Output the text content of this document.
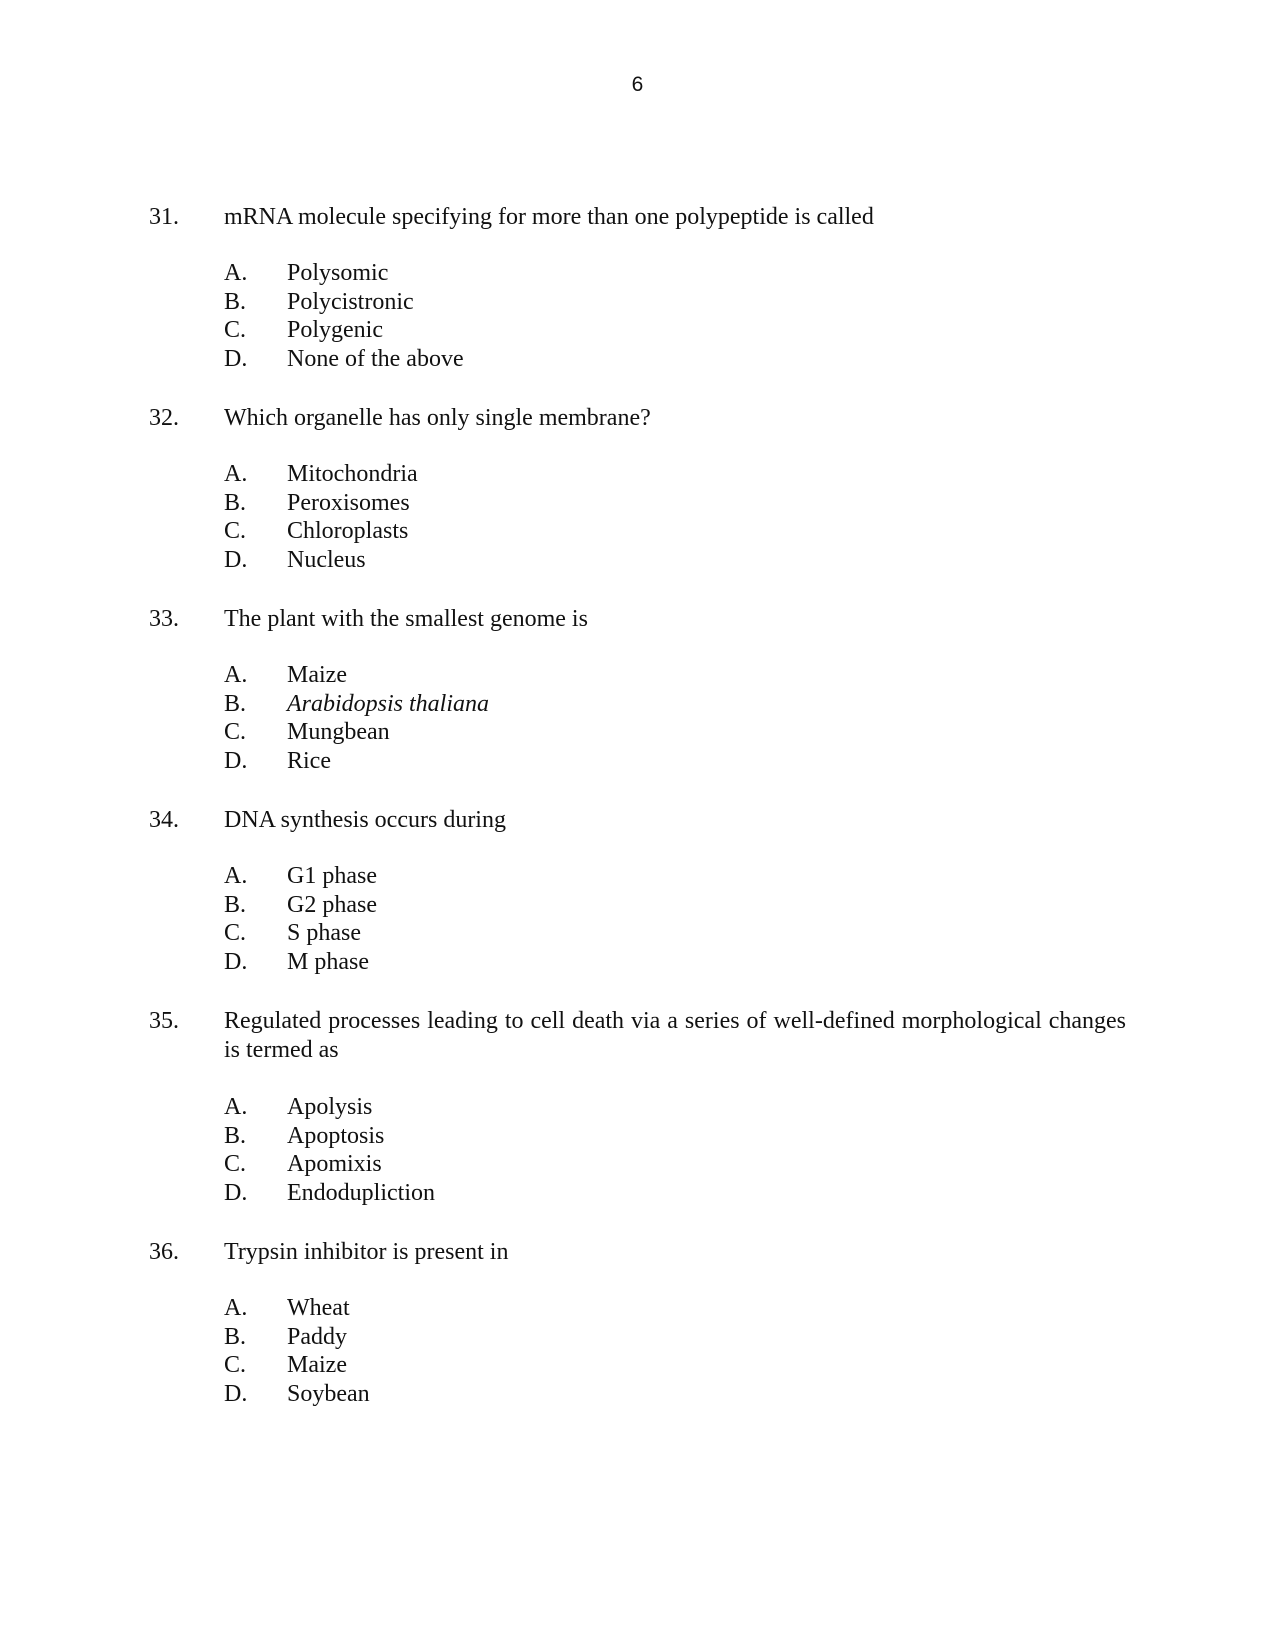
6
31. mRNA molecule specifying for more than one polypeptide is called
A. Polysomic
B. Polycistronic
C. Polygenic
D. None of the above
32. Which organelle has only single membrane?
A. Mitochondria
B. Peroxisomes
C. Chloroplasts
D. Nucleus
33. The plant with the smallest genome is
A. Maize
B. Arabidopsis thaliana
C. Mungbean
D. Rice
34. DNA synthesis occurs during
A. G1 phase
B. G2 phase
C. S phase
D. M phase
35. Regulated processes leading to cell death via a series of well-defined morphological changes is termed as
A. Apolysis
B. Apoptosis
C. Apomixis
D. Endodupliction
36. Trypsin inhibitor is present in
A. Wheat
B. Paddy
C. Maize
D. Soybean
